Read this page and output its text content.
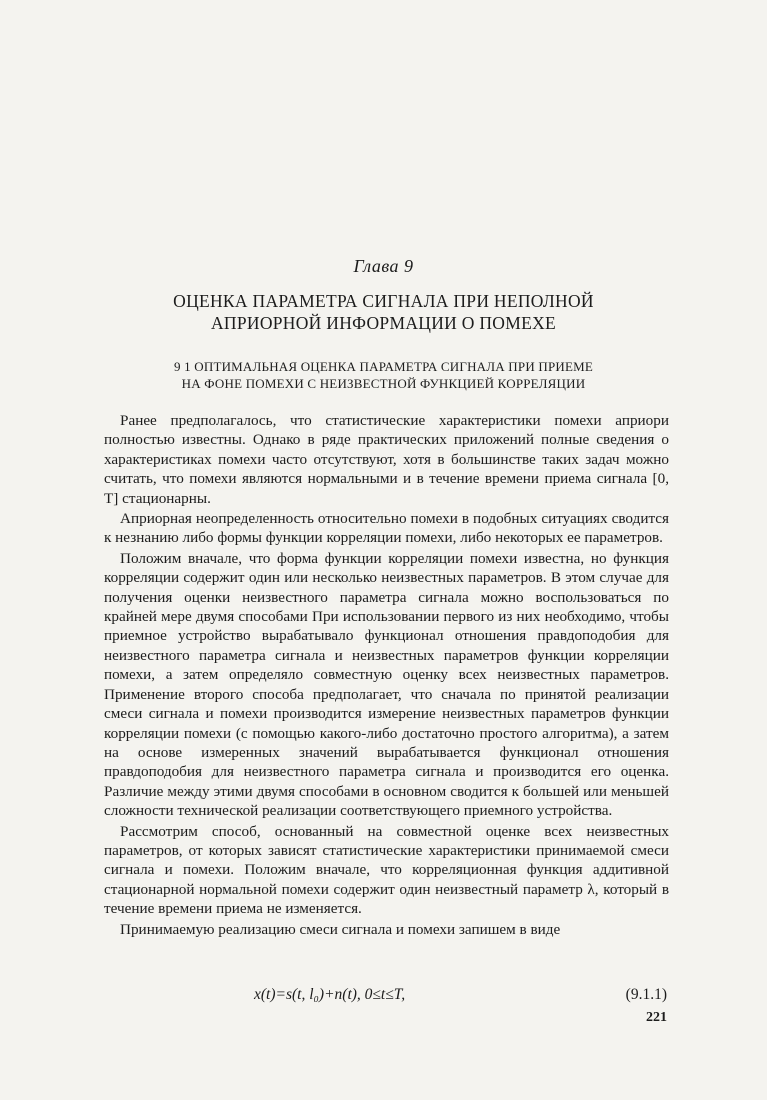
Глава 9
ОЦЕНКА ПАРАМЕТРА СИГНАЛА ПРИ НЕПОЛНОЙ
АПРИОРНОЙ ИНФОРМАЦИИ О ПОМЕХЕ
9 1 ОПТИМАЛЬНАЯ ОЦЕНКА ПАРАМЕТРА СИГНАЛА ПРИ ПРИЕМЕ
НА ФОНЕ ПОМЕХИ С НЕИЗВЕСТНОЙ ФУНКЦИЕЙ КОРРЕЛЯЦИИ

Ранее предполагалось, что статистические характеристики помехи априори полностью известны. Однако в ряде практических приложений полные сведения о характеристиках помехи часто отсутствуют, хотя в большинстве таких задач можно считать, что помехи являются нормальными и в течение времени приема сигнала [0, T] стационарны.

Априорная неопределенность относительно помехи в подобных ситуациях сводится к незнанию либо формы функции корреляции помехи, либо некоторых ее параметров.

Положим вначале, что форма функции корреляции помехи известна, но функция корреляции содержит один или несколько неизвестных параметров. В этом случае для получения оценки неизвестного параметра сигнала можно воспользоваться по крайней мере двумя способами При использовании первого из них необходимо, чтобы приемное устройство вырабатывало функционал отношения правдоподобия для неизвестного параметра сигнала и неизвестных параметров функции корреляции помехи, а затем определяло совместную оценку всех неизвестных параметров. Применение второго способа предполагает, что сначала по принятой реализации смеси сигнала и помехи производится измерение неизвестных параметров функции корреляции помехи (с помощью какого-либо достаточно простого алгоритма), а затем на основе измеренных значений вырабатывается функционал отношения правдоподобия для неизвестного параметра сигнала и производится его оценка. Различие между этими двумя способами в основном сводится к большей или меньшей сложности технической реализации соответствующего приемного устройства.

Рассмотрим способ, основанный на совместной оценке всех неизвестных параметров, от которых зависят статистические характеристики принимаемой смеси сигнала и помехи. Положим вначале, что корреляционная функция аддитивной стационарной нормальной помехи содержит один неизвестный параметр λ, который в течение времени приема не изменяется.

Принимаемую реализацию смеси сигнала и помехи запишем в виде

x(t)=s(t, l₀)+n(t), 0≤t≤T,	(9.1.1)
221
